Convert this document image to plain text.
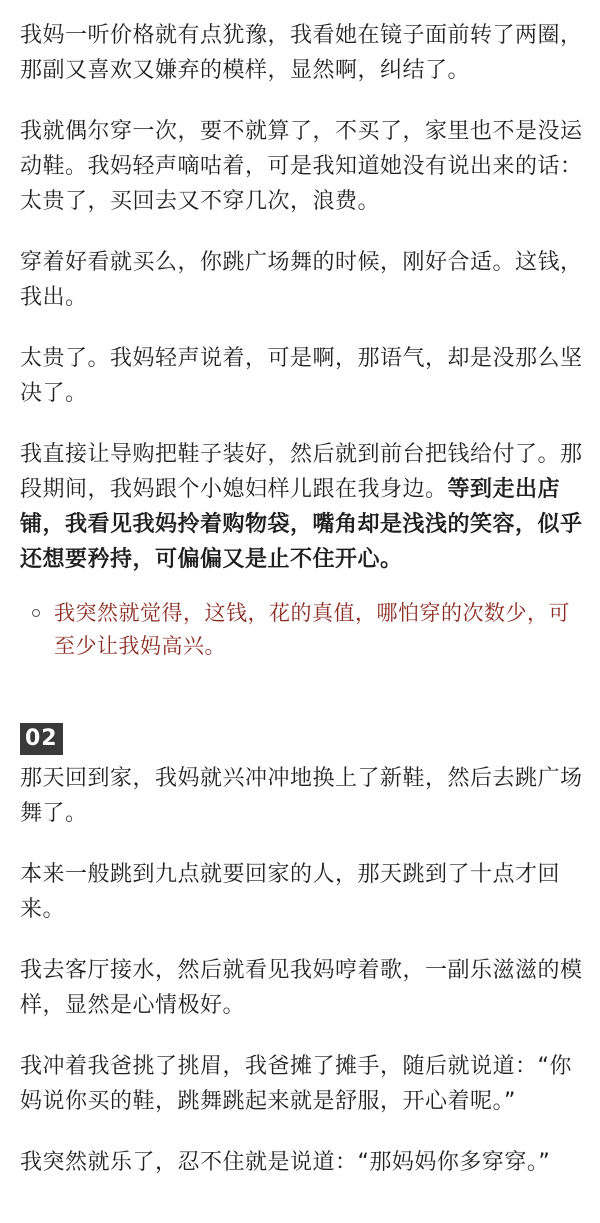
我妈一听价格就有点犹豫，我看她在镜子面前转了两圈，那副又喜欢又嫌弃的模样，显然啊，纠结了。

我就偶尔穿一次，要不就算了，不买了，家里也不是没运动鞋。我妈轻声嘀咕着，可是我知道她没有说出来的话：太贵了，买回去又不穿几次，浪费。

穿着好看就买么，你跳广场舞的时候，刚好合适。这钱，我出。

太贵了。我妈轻声说着，可是啊，那语气，却是没那么坚决了。

我直接让导购把鞋子装好，然后就到前台把钱给付了。那段期间，我妈跟个小媳妇样儿跟在我身边。等到走出店铺，我看见我妈拎着购物袋，嘴角却是浅浅的笑容，似乎还想要矜持，可偏偏又是止不住开心。

我突然就觉得，这钱，花的真值，哪怕穿的次数少，可至少让我妈高兴。
02

那天回到家，我妈就兴冲冲地换上了新鞋，然后去跳广场舞了。

本来一般跳到九点就要回家的人，那天跳到了十点才回来。

我去客厅接水，然后就看见我妈哼着歌，一副乐滋滋的模样，显然是心情极好。

我冲着我爸挑了挑眉，我爸摊了摊手，随后就说道：“你妈说你买的鞋，跳舞跳起来就是舒服，开心着呢。”

我突然就乐了，忍不住就是说道：“那妈妈你多穿穿。”
